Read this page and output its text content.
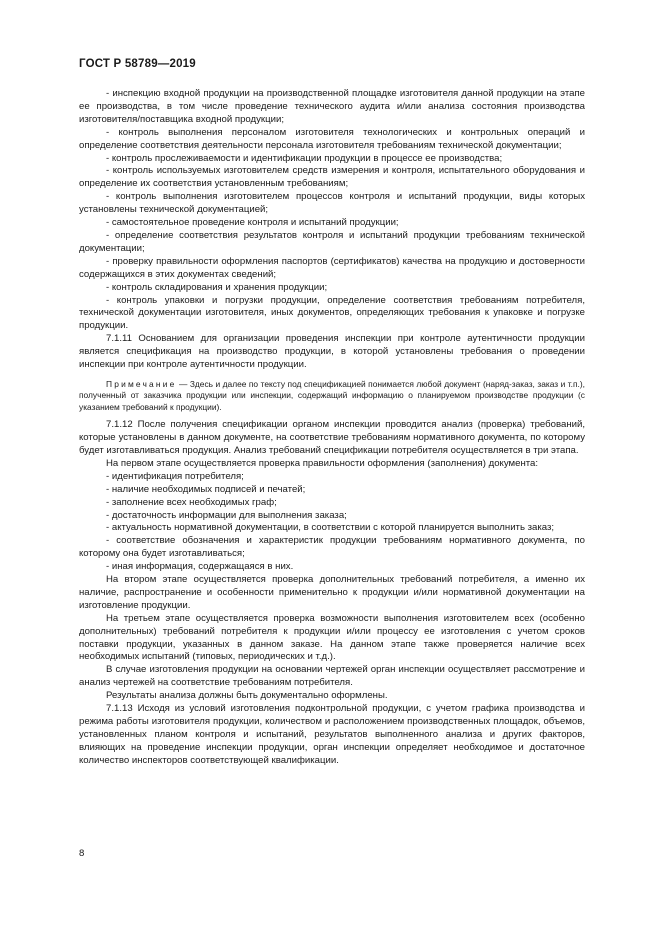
ГОСТ Р 58789—2019

- инспекцию входной продукции на производственной площадке изготовителя данной продукции на этапе ее производства, в том числе проведение технического аудита и/или анализа состояния производства изготовителя/поставщика входной продукции;

- контроль выполнения персоналом изготовителя технологических и контрольных операций и определение соответствия деятельности персонала изготовителя требованиям технической документации;

- контроль прослеживаемости и идентификации продукции в процессе ее производства;

- контроль используемых изготовителем средств измерения и контроля, испытательного оборудования и определение их соответствия установленным требованиям;

- контроль выполнения изготовителем процессов контроля и испытаний продукции, виды которых установлены технической документацией;

- самостоятельное проведение контроля и испытаний продукции;

- определение соответствия результатов контроля и испытаний продукции требованиям технической документации;

- проверку правильности оформления паспортов (сертификатов) качества на продукцию и достоверности содержащихся в этих документах сведений;

- контроль складирования и хранения продукции;

- контроль упаковки и погрузки продукции, определение соответствия требованиям потребителя, технической документации изготовителя, иных документов, определяющих требования к упаковке и погрузке продукции.

7.1.11 Основанием для организации проведения инспекции при контроле аутентичности продукции является спецификация на производство продукции, в которой установлены требования о проведении инспекции при контроле аутентичности продукции.

Примечание — Здесь и далее по тексту под спецификацией понимается любой документ (наряд-заказ, заказ и т.п.), полученный от заказчика продукции или инспекции, содержащий информацию о планируемом производстве продукции (с указанием требований к продукции).

7.1.12 После получения спецификации органом инспекции проводится анализ (проверка) требований, которые установлены в данном документе, на соответствие требованиям нормативного документа, по которому будет изготавливаться продукция. Анализ требований спецификации потребителя осуществляется в три этапа.

На первом этапе осуществляется проверка правильности оформления (заполнения) документа:

- идентификация потребителя;

- наличие необходимых подписей и печатей;

- заполнение всех необходимых граф;

- достаточность информации для выполнения заказа;

- актуальность нормативной документации, в соответствии с которой планируется выполнить заказ;

- соответствие обозначения и характеристик продукции требованиям нормативного документа, по которому она будет изготавливаться;

- иная информация, содержащаяся в них.

На втором этапе осуществляется проверка дополнительных требований потребителя, а именно их наличие, распространение и особенности применительно к продукции и/или нормативной документации на изготовление продукции.

На третьем этапе осуществляется проверка возможности выполнения изготовителем всех (особенно дополнительных) требований потребителя к продукции и/или процессу ее изготовления с учетом сроков поставки продукции, указанных в данном заказе. На данном этапе также проверяется наличие всех необходимых испытаний (типовых, периодических и т.д.).

В случае изготовления продукции на основании чертежей орган инспекции осуществляет рассмотрение и анализ чертежей на соответствие требованиям потребителя.

Результаты анализа должны быть документально оформлены.

7.1.13 Исходя из условий изготовления подконтрольной продукции, с учетом графика производства и режима работы изготовителя продукции, количеством и расположением производственных площадок, объемов, установленных планом контроля и испытаний, результатов выполненного анализа и других факторов, влияющих на проведение инспекции продукции, орган инспекции определяет необходимое и достаточное количество инспекторов соответствующей квалификации.

8
